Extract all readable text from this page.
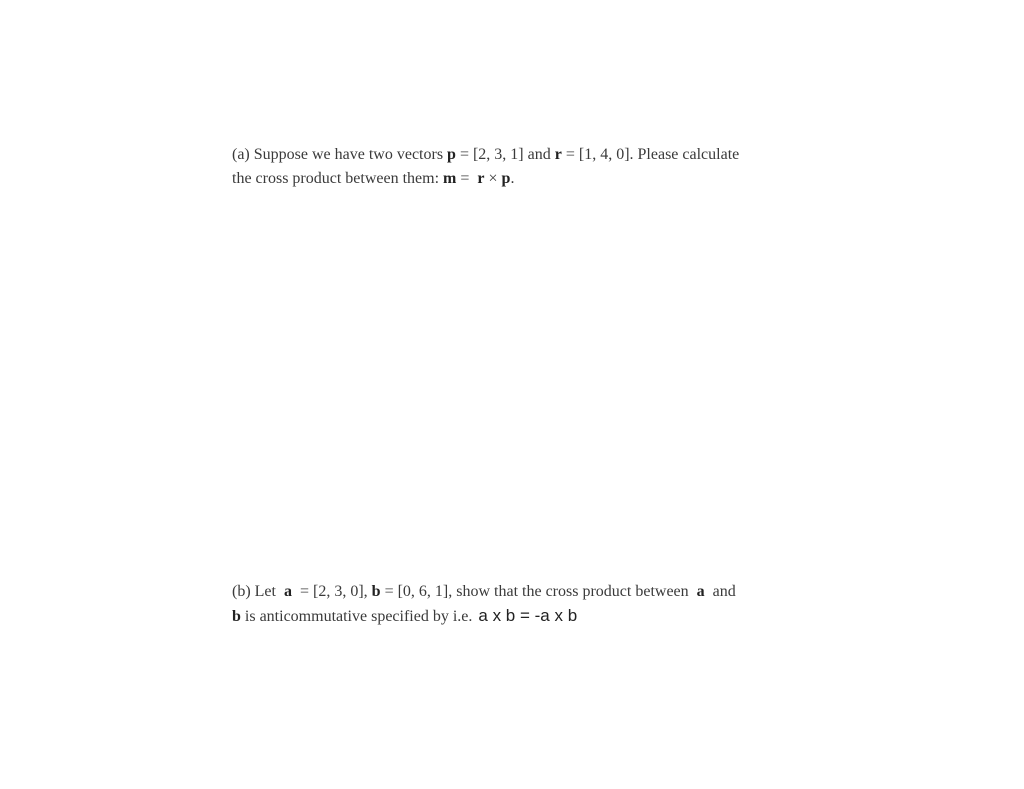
(a) Suppose we have two vectors p = [2, 3, 1] and r = [1, 4, 0]. Please calculate
the cross product between them: m =  r × p.
(b) Let  a  = [2, 3, 0], b = [0, 6, 1], show that the cross product between  a  and
b is anticommutative specified by i.e. a x b = -a x b
